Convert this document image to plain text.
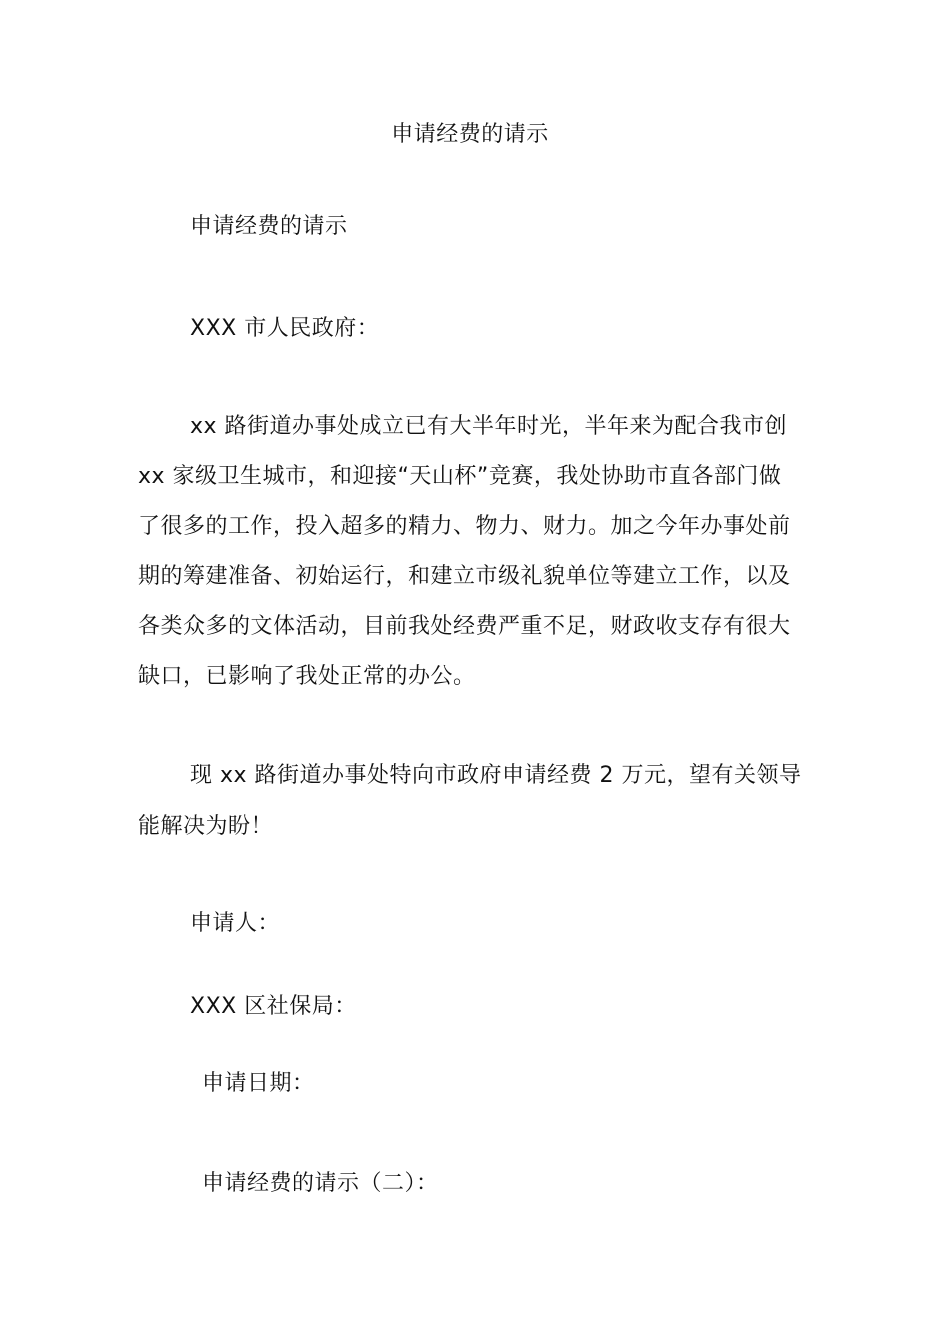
申请经费的请示
申请经费的请示
XXX 市人民政府：
xx 路街道办事处成立已有大半年时光，半年来为配合我市创
xx 家级卫生城市，和迎接“天山杯”竞赛，我处协助市直各部门做
了很多的工作，投入超多的精力、物力、财力。加之今年办事处前
期的筹建准备、初始运行，和建立市级礼貌单位等建立工作，以及
各类众多的文体活动，目前我处经费严重不足，财政收支存有很大
缺口，已影响了我处正常的办公。
现 xx 路街道办事处特向市政府申请经费 2 万元，望有关领导
能解决为盼！
申请人：
XXX 区社保局：
申请日期：
申请经费的请示（二）：
